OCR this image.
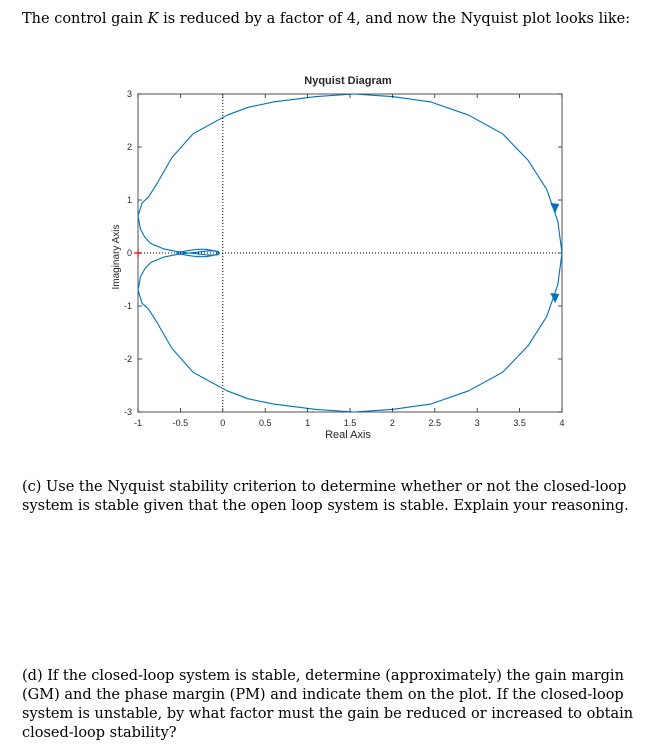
The control gain K is reduced by a factor of 4, and now the Nyquist plot looks like:
-1	-0.5	0	0.5	1	1.5	2	2.5	3	3.5	4
-3
-2
-1
0
1
2
3
Nyquist Diagram
Real Axis
Imaginary Axis
(c) Use the Nyquist stability criterion to determine whether or not the closed-loop system is stable given that the open loop system is stable. Explain your reasoning.
(d) If the closed-loop system is stable, determine (approximately) the gain margin (GM) and the phase margin (PM) and indicate them on the plot. If the closed-loop system is unstable, by what factor must the gain be reduced or increased to obtain closed-loop stability?
